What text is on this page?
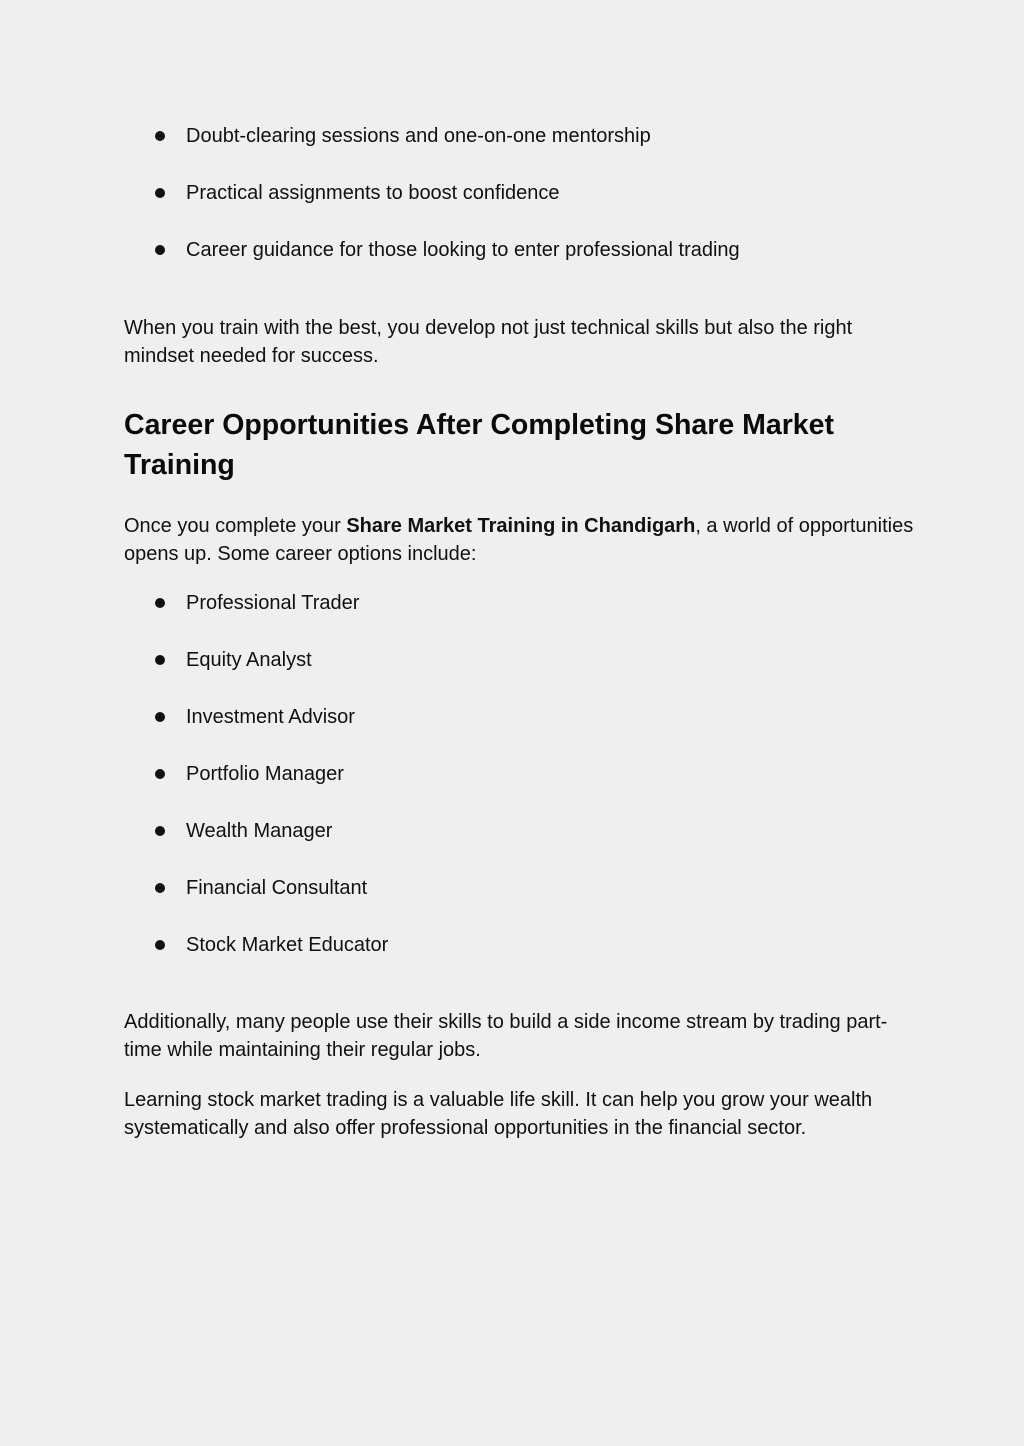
Doubt-clearing sessions and one-on-one mentorship
Practical assignments to boost confidence
Career guidance for those looking to enter professional trading

When you train with the best, you develop not just technical skills but also the right mindset needed for success.

Career Opportunities After Completing Share Market Training

Once you complete your Share Market Training in Chandigarh, a world of opportunities opens up. Some career options include:

Professional Trader
Equity Analyst
Investment Advisor
Portfolio Manager
Wealth Manager
Financial Consultant
Stock Market Educator

Additionally, many people use their skills to build a side income stream by trading part-time while maintaining their regular jobs.

Learning stock market trading is a valuable life skill. It can help you grow your wealth systematically and also offer professional opportunities in the financial sector.
